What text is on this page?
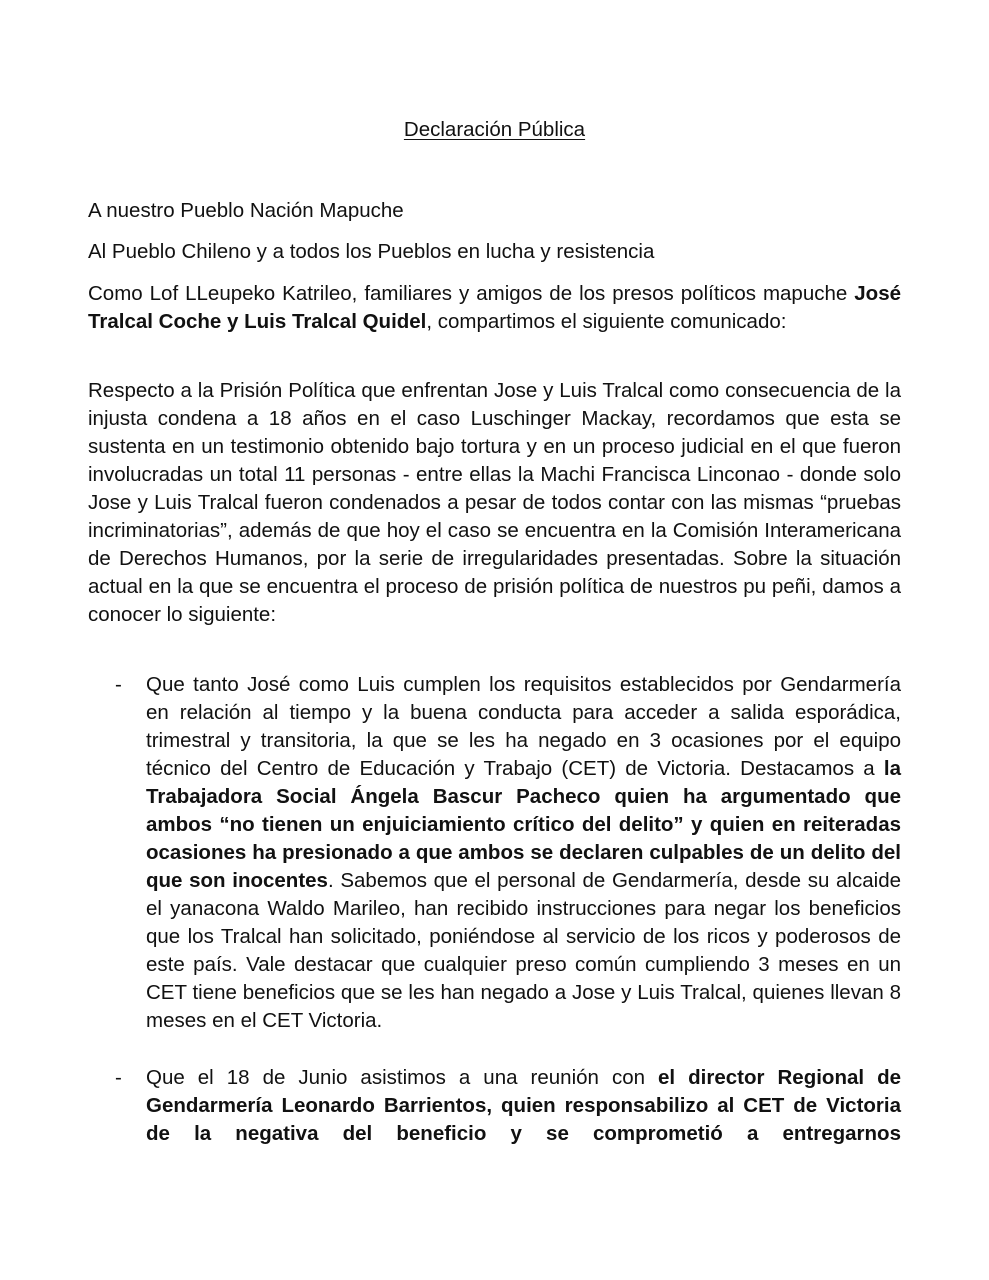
Declaración Pública
A nuestro Pueblo Nación Mapuche
Al Pueblo Chileno y a todos los Pueblos en lucha y resistencia
Como Lof LLeupeko Katrileo, familiares y amigos de los presos políticos mapuche José Tralcal Coche y Luis Tralcal Quidel, compartimos el siguiente comunicado:
Respecto a la Prisión Política que enfrentan Jose y Luis Tralcal como consecuencia de la injusta condena a 18 años en el caso Luschinger Mackay, recordamos que esta se sustenta en un testimonio obtenido bajo tortura y en un proceso judicial en el que fueron involucradas un total 11 personas - entre ellas la Machi Francisca Linconao - donde solo Jose y Luis Tralcal fueron condenados a pesar de todos contar con las mismas “pruebas incriminatorias”, además de que hoy el caso se encuentra en la Comisión Interamericana de Derechos Humanos, por la serie de irregularidades presentadas. Sobre la situación actual en la que se encuentra el proceso de prisión política de nuestros pu peñi, damos a conocer lo siguiente:
- Que tanto José como Luis cumplen los requisitos establecidos por Gendarmería en relación al tiempo y la buena conducta para acceder a salida esporádica, trimestral y transitoria, la que se les ha negado en 3 ocasiones por el equipo técnico del Centro de Educación y Trabajo (CET) de Victoria. Destacamos a la Trabajadora Social Ángela Bascur Pacheco quien ha argumentado que ambos “no tienen un enjuiciamiento crítico del delito” y quien en reiteradas ocasiones ha presionado a que ambos se declaren culpables de un delito del que son inocentes. Sabemos que el personal de Gendarmería, desde su alcaide el yanacona Waldo Marileo, han recibido instrucciones para negar los beneficios que los Tralcal han solicitado, poniéndose al servicio de los ricos y poderosos de este país. Vale destacar que cualquier preso común cumpliendo 3 meses en un CET tiene beneficios que se les han negado a Jose y Luis Tralcal, quienes llevan 8 meses en el CET Victoria.
- Que el 18 de Junio asistimos a una reunión con el director Regional de Gendarmería Leonardo Barrientos, quien responsabilizo al CET de Victoria de la negativa del beneficio y se comprometió a entregarnos
